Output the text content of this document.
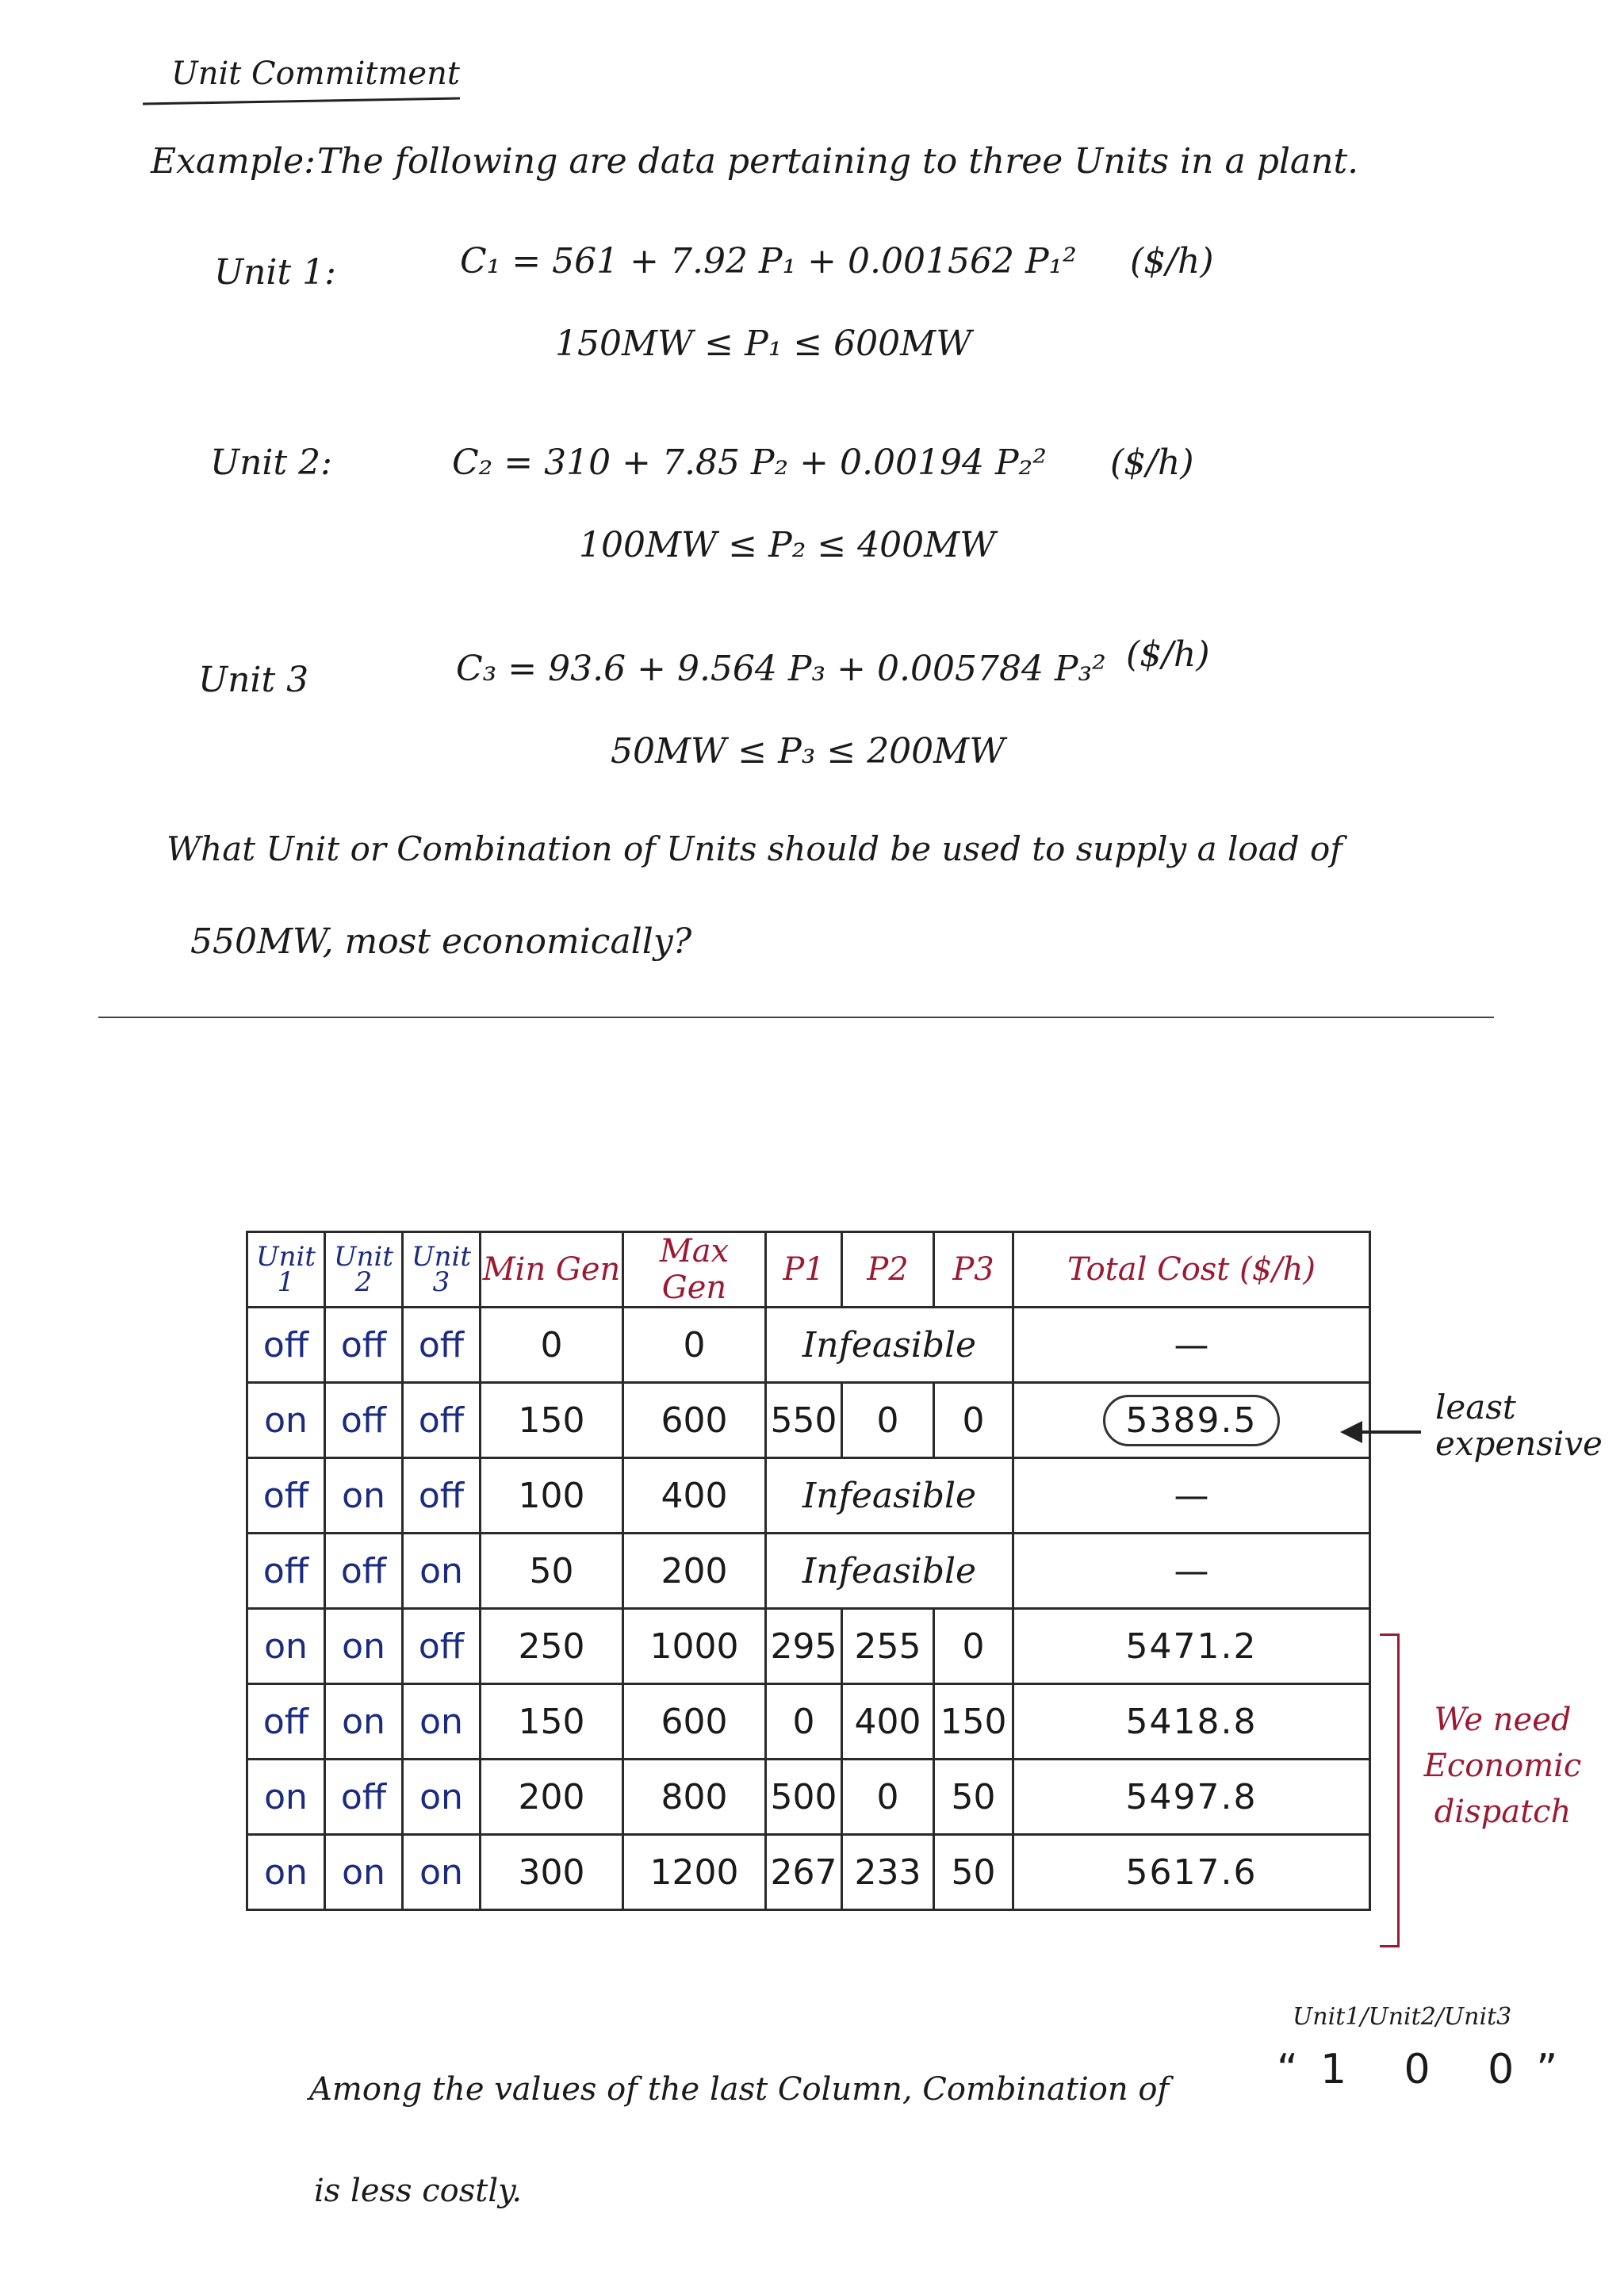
Unit Commitment
Example: The following are data pertaining to three Units in a plant.
Unit 1:	C₁ = 561 + 7.92 P₁ + 0.001562 P₁² ($/h)
150MW ≤ P₁ ≤ 600MW
Unit 2:	C₂ = 310 + 7.85 P₂ + 0.00194 P₂² ($/h)
100MW ≤ P₂ ≤ 400MW
Unit 3	C₃ = 93.6 + 9.564 P₃ + 0.005784 P₃² ($/h)
50MW ≤ P₃ ≤ 200MW
What Unit or Combination of Units should be used to supply a load of
550MW, most economically?
Unit 1	Unit 2	Unit 3	Min Gen	Max Gen	P1	P2	P3	Total Cost ($/h)
off	off	off	0	0	Infeasible			—
on	off	off	150	600	550	0	0	5389.5
off	on	off	100	400	Infeasible			—
off	off	on	50	200	Infeasible			—
on	on	off	250	1000	295	255	0	5471.2
off	on	on	150	600	0	400	150	5418.8
on	off	on	200	800	500	0	50	5497.8
on	on	on	300	1200	267	233	50	5617.6
least expensive
We need Economic dispatch
Unit1/Unit2/Unit3
“1 0 0”
Among the values of the last Column, Combination of
is less costly.
